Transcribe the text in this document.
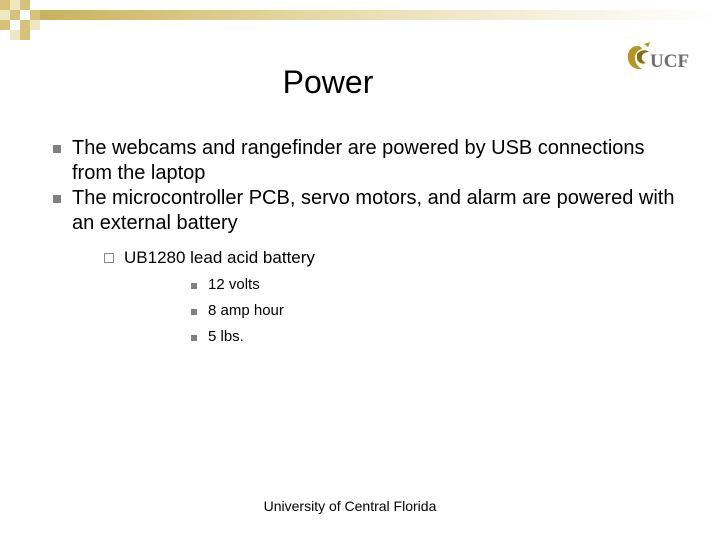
UCF
Power
The webcams and rangefinder are powered by USB connections from the laptop
The microcontroller PCB, servo motors, and alarm are powered with an external battery
UB1280 lead acid battery
12 volts
8 amp hour
5 lbs.
University of Central Florida
